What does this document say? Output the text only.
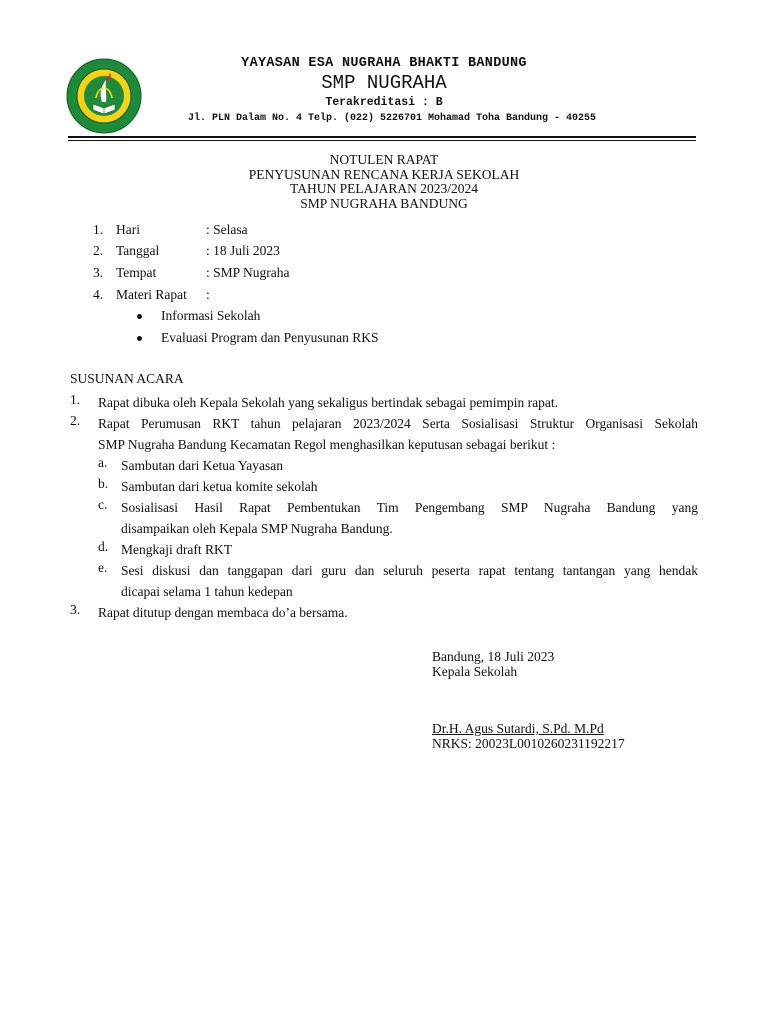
YAYASAN ESA NUGRAHA BHAKTI BANDUNG
SMP NUGRAHA
Terakreditasi : B
Jl. PLN Dalam No. 4 Telp. (022) 5226701 Mohamad Toha Bandung - 40255
NOTULEN RAPAT
PENYUSUNAN RENCANA KERJA SEKOLAH
TAHUN PELAJARAN 2023/2024
SMP NUGRAHA BANDUNG
1. Hari	: Selasa
2. Tanggal	: 18 Juli 2023
3. Tempat	: SMP Nugraha
4. Materi Rapat :
Informasi Sekolah
Evaluasi Program dan Penyusunan RKS
SUSUNAN ACARA
1. Rapat dibuka oleh Kepala Sekolah yang sekaligus bertindak sebagai pemimpin rapat.
2. Rapat Perumusan RKT tahun pelajaran 2023/2024 Serta Sosialisasi Struktur Organisasi Sekolah
SMP Nugraha Bandung Kecamatan Regol menghasilkan keputusan sebagai berikut :
a. Sambutan dari Ketua Yayasan
b. Sambutan dari ketua komite sekolah
c. Sosialisasi Hasil Rapat Pembentukan Tim Pengembang SMP Nugraha Bandung yang
disampaikan oleh Kepala SMP Nugraha Bandung.
d. Mengkaji draft RKT
e. Sesi diskusi dan tanggapan dari guru dan seluruh peserta rapat tentang tantangan yang hendak
dicapai selama 1 tahun kedepan
3. Rapat ditutup dengan membaca do’a bersama.
Bandung, 18 Juli 2023
Kepala Sekolah
Dr.H. Agus Sutardi, S.Pd. M.Pd
NRKS: 20023L0010260231192217
